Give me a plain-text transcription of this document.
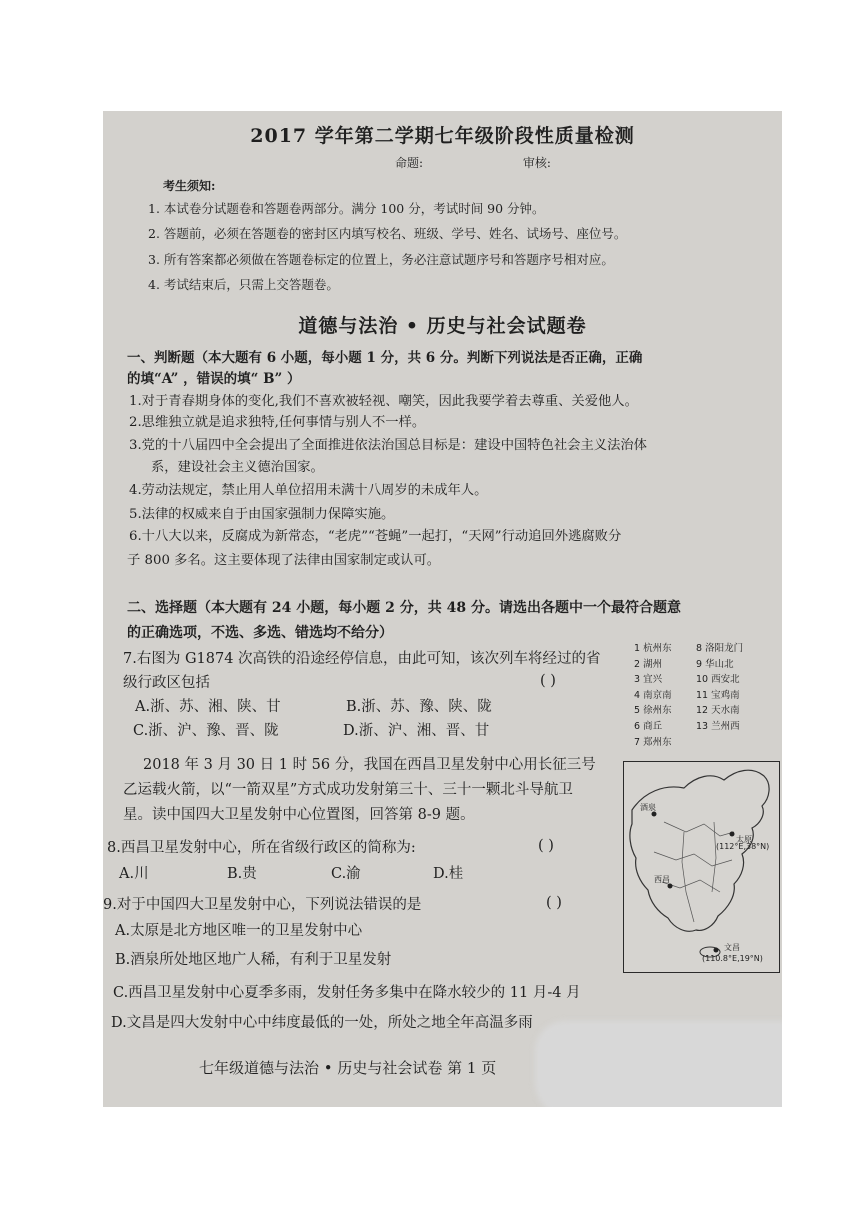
2017 学年第二学期七年级阶段性质量检测
命题:	审核:
考生须知:
1. 本试卷分试题卷和答题卷两部分。满分 100 分，考试时间 90 分钟。
2. 答题前，必须在答题卷的密封区内填写校名、班级、学号、姓名、试场号、座位号。
3. 所有答案都必须做在答题卷标定的位置上，务必注意试题序号和答题序号相对应。
4. 考试结束后，只需上交答题卷。
道德与法治 • 历史与社会试题卷
一、判断题（本大题有 6 小题，每小题 1 分，共 6 分。判断下列说法是否正确，正确
的填“A” ，错误的填“ B” ）
1.对于青春期身体的变化,我们不喜欢被轻视、嘲笑，因此我要学着去尊重、关爱他人。
2.思维独立就是追求独特,任何事情与别人不一样。
3.党的十八届四中全会提出了全面推进依法治国总目标是：建设中国特色社会主义法治体
系，建设社会主义德治国家。
4.劳动法规定，禁止用人单位招用未满十八周岁的未成年人。
5.法律的权威来自于由国家强制力保障实施。
6.十八大以来，反腐成为新常态，“老虎”“苍蝇”一起打，“天网”行动追回外逃腐败分
子 800 多名。这主要体现了法律由国家制定或认可。
二、选择题（本大题有 24 小题，每小题 2 分，共 48 分。请选出各题中一个最符合题意
的正确选项，不选、多选、错选均不给分）
7.右图为 G1874 次高铁的沿途经停信息，由此可知，该次列车将经过的省
级行政区包括	( )
A.浙、苏、湘、陕、甘	B.浙、苏、豫、陕、陇
C.浙、沪、豫、晋、陇	D.浙、沪、湘、晋、甘
1 杭州东
2 湖州
3 宜兴
4 南京南
5 徐州东
6 商丘
7 郑州东
8 洛阳龙门
9 华山北
10 西安北
11 宝鸡南
12 天水南
13 兰州西
2018 年 3 月 30 日 1 时 56 分，我国在西昌卫星发射中心用长征三号
乙运载火箭，以“一箭双星”方式成功发射第三十、三十一颗北斗导航卫
星。读中国四大卫星发射中心位置图，回答第 8-9 题。
8.西昌卫星发射中心，所在省级行政区的简称为:	( )
A.川	B.贵	C.渝	D.桂
9.对于中国四大卫星发射中心，下列说法错误的是	( )
A.太原是北方地区唯一的卫星发射中心
B.酒泉所处地区地广人稀，有利于卫星发射
C.西昌卫星发射中心夏季多雨，发射任务多集中在降水较少的 11 月-4 月
D.文昌是四大发射中心中纬度最低的一处，所处之地全年高温多雨
酒泉
太原
(112°E,38°N)
西昌
文昌
(110.8°E,19°N)
七年级道德与法治 • 历史与社会试卷 第 1 页
